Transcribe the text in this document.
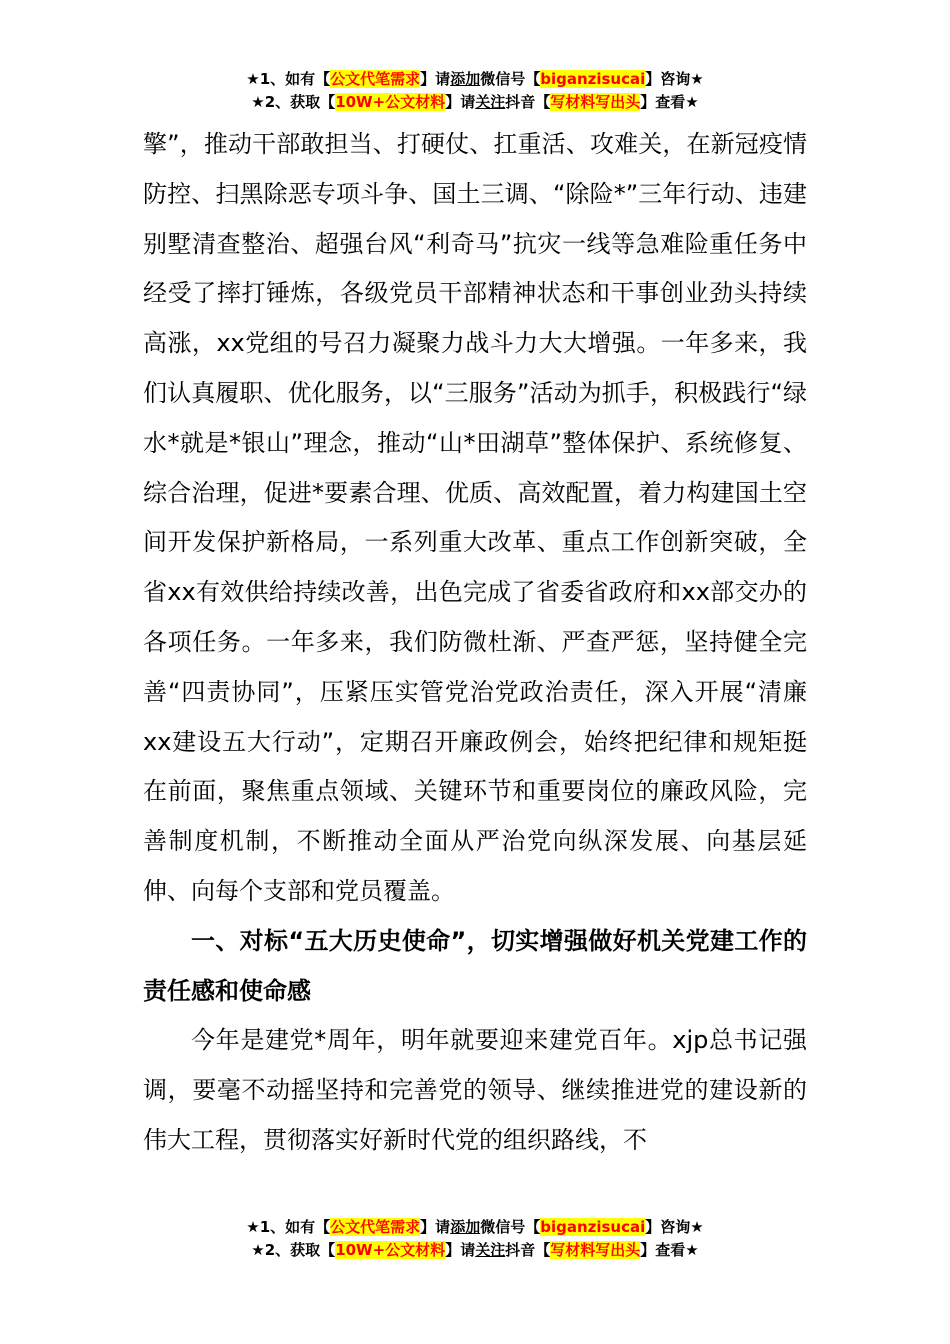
★1、如有【公文代笔需求】请添加微信号【biganzisucai】咨询★
★2、获取【10W+公文材料】请关注抖音【写材料写出头】查看★

擎”，推动干部敢担当、打硬仗、扛重活、攻难关，在新冠疫情防控、扫黑除恶专项斗争、国土三调、“除险*”三年行动、违建别墅清查整治、超强台风“利奇马”抗灾一线等急难险重任务中经受了摔打锤炼，各级党员干部精神状态和干事创业劲头持续高涨，xx党组的号召力凝聚力战斗力大大增强。一年多来，我们认真履职、优化服务，以“三服务”活动为抓手，积极践行“绿水*就是*银山”理念，推动“山*田湖草”整体保护、系统修复、综合治理，促进*要素合理、优质、高效配置，着力构建国土空间开发保护新格局，一系列重大改革、重点工作创新突破，全省xx有效供给持续改善，出色完成了省委省政府和xx部交办的各项任务。一年多来，我们防微杜渐、严查严惩，坚持健全完善“四责协同”，压紧压实管党治党政治责任，深入开展“清廉xx建设五大行动”，定期召开廉政例会，始终把纪律和规矩挺在前面，聚焦重点领域、关键环节和重要岗位的廉政风险，完善制度机制，不断推动全面从严治党向纵深发展、向基层延伸、向每个支部和党员覆盖。

一、对标“五大历史使命”，切实增强做好机关党建工作的责任感和使命感

今年是建党*周年，明年就要迎来建党百年。xjp总书记强调，要毫不动摇坚持和完善党的领导、继续推进党的建设新的伟大工程，贯彻落实好新时代党的组织路线，不

★1、如有【公文代笔需求】请添加微信号【biganzisucai】咨询★
★2、获取【10W+公文材料】请关注抖音【写材料写出头】查看★
